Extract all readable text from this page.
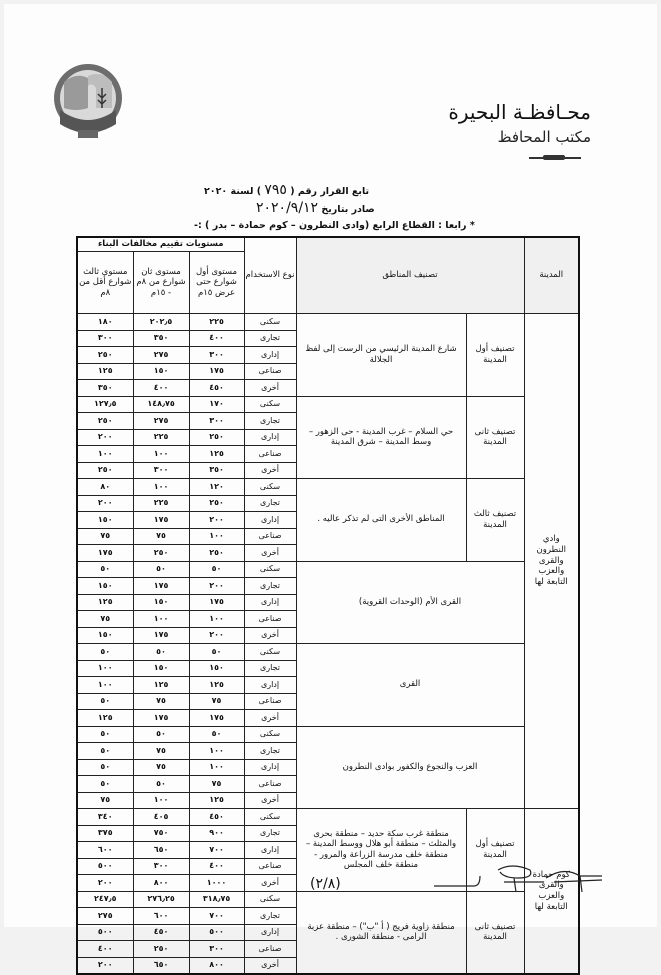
محـافظـة البحيرة
مكتب المحافظ
تابع القرار رقم ( ٧٩٥ ) لسنة ٢٠٢٠
صادر بتاريخ ٢٠٢٠/٩/١٢
* رابعا : القطاع الرابع (وادى النطرون – كوم حمادة – بدر ) :-
المدينة	تصنيف المناطق		نوع الاستخدام	مستويات تقييم مخالفات البناء		
				مستوى أول شوارع حتى عرض ١٥م	مستوى ثان شوارع من ٨م - ١٥م	مستوى ثالث شوارع أقل من ٨م
وادي النطرون والقرى والعزب التابعة لها	تصنيف أول المدينة	شارع المدينة الرئيسي من الرست إلى لفظ الجلالة	سكنى	٢٢٥	٢٠٢٫٥	١٨٠
			تجارى	٤٠٠	٣٥٠	٣٠٠
			إدارى	٣٠٠	٢٧٥	٢٥٠
			صناعى	١٧٥	١٥٠	١٢٥
			أخرى	٤٥٠	٤٠٠	٣٥٠
	تصنيف ثانى المدينة	حي السلام – غرب المدينة - حى الزهور – وسط المدينة – شرق المدينة	سكنى	١٧٠	١٤٨٫٧٥	١٢٧٫٥
			تجارى	٣٠٠	٢٧٥	٢٥٠
			إدارى	٢٥٠	٢٢٥	٢٠٠
			صناعى	١٢٥	١٠٠	١٠٠
			أخرى	٣٥٠	٣٠٠	٢٥٠
	تصنيف ثالث المدينة	المناطق الأخرى التى لم تذكر عاليه .	سكنى	١٢٠	١٠٠	٨٠
			تجارى	٢٥٠	٢٢٥	٢٠٠
			إدارى	٢٠٠	١٧٥	١٥٠
			صناعى	١٠٠	٧٥	٧٥
			أخرى	٢٥٠	٢٥٠	١٧٥
	القرى الأم (الوحدات القروية)		سكنى	٥٠	٥٠	٥٠
			تجارى	٢٠٠	١٧٥	١٥٠
			إدارى	١٧٥	١٥٠	١٢٥
			صناعى	١٠٠	١٠٠	٧٥
			أخرى	٢٠٠	١٧٥	١٥٠
	القرى		سكنى	٥٠	٥٠	٥٠
			تجارى	١٥٠	١٥٠	١٠٠
			إدارى	١٢٥	١٢٥	١٠٠
			صناعى	٧٥	٧٥	٥٠
			أخرى	١٧٥	١٧٥	١٢٥
	العزب والنجوع والكفور بوادى النطرون		سكنى	٥٠	٥٠	٥٠
			تجارى	١٠٠	٧٥	٥٠
			إدارى	١٠٠	٧٥	٥٠
			صناعى	٧٥	٥٠	٥٠
			أخرى	١٢٥	١٠٠	٧٥
كوم حمادة والقرى والعزب التابعة لها	تصنيف أول المدينة	منطقة غرب سكة حديد – منطقة بحرى والمثلث – منطقة أبو هلال ووسط المدينة – منطقة خلف مدرسة الزراعة والمرور - منطقة خلف المجلس	سكنى	٤٥٠	٤٠٥	٣٤٠
			تجارى	٩٠٠	٧٥٠	٣٧٥
			إدارى	٧٠٠	٦٥٠	٦٠٠
			صناعى	٤٠٠	٣٠٠	٥٠٠
			أخرى	١٠٠٠	٨٠٠	٢٠٠
	تصنيف ثانى المدينة	منطقة زاوية فريج ( أ "ب") – منطقة عزبة الرامى - منطقة الشورى .	سكنى	٣١٨٫٧٥	٢٧٦٫٢٥	٢٤٧٫٥
			تجارى	٧٠٠	٦٠٠	٢٧٥
			إدارى	٥٠٠	٤٥٠	٥٠٠
			صناعى	٣٠٠	٢٥٠	٤٠٠
			أخرى	٨٠٠	٦٥٠	٢٠٠
(٢/٨)
